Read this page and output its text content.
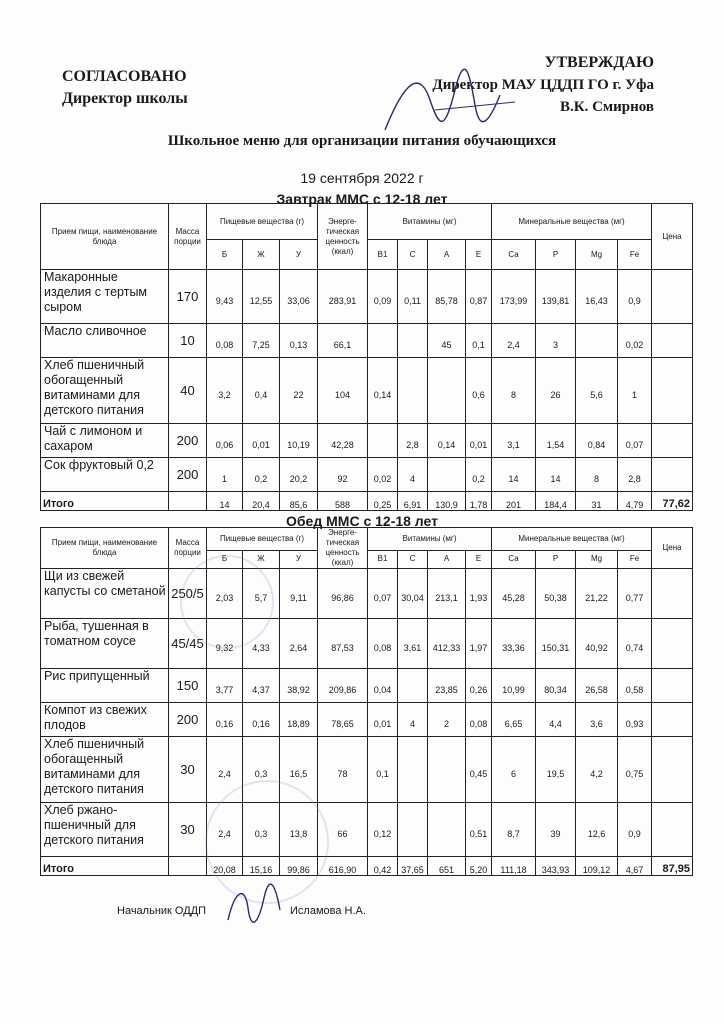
СОГЛАСОВАНО
Директор школы
УТВЕРЖДАЮ
Директор МАУ ЦДДП ГО г. Уфа
В.К. Смирнов
Школьное меню для организации питания обучающихся
19 сентября 2022 г
Завтрак ММС с 12-18 лет
Прием пищи, наименование блюда	Масса порции	Пищевые вещества (г)			Энерге-тическая ценность (ккал)	Витамины (мг)				Минеральные вещества (мг)				Цена
		Б	Ж	У		В1	С	А	Е	Са	Р	Mg	Fe	
Макаронные изделия с тертым сыром	170	9,43	12,55	33,06	283,91	0,09	0,11	85,78	0,87	173,99	139,81	16,43	0,9	
Масло сливочное	10	0,08	7,25	0,13	66,1			45	0,1	2,4	3		0,02	
Хлеб пшеничный обогащенный витаминами для детского питания	40	3,2	0,4	22	104	0,14			0,6	8	26	5,6	1	
Чай с лимоном и сахаром	200	0,06	0,01	10,19	42,28		2,8	0,14	0,01	3,1	1,54	0,84	0,07	
Сок фруктовый 0,2	200	1	0,2	20,2	92	0,02	4		0,2	14	14	8	2,8	
Итого		14	20,4	85,6	588	0,25	6,91	130,9	1,78	201	184,4	31	4,79	77,62
Обед ММС с 12-18 лет
Прием пищи, наименование блюда	Масса порции	Пищевые вещества (г)			Энерге-тическая ценность (ккал)	Витамины (мг)				Минеральные вещества (мг)				Цена
		Б	Ж	У		В1	С	А	Е	Са	Р	Mg	Fe	
Щи из свежей капусты со сметаной	250/5	2,03	5,7	9,11	96,86	0,07	30,04	213,1	1,93	45,28	50,38	21,22	0,77	
Рыба, тушенная в томатном соусе	45/45	9,32	4,33	2,64	87,53	0,08	3,61	412,33	1,97	33,36	150,31	40,92	0,74	
Рис припущенный	150	3,77	4,37	38,92	209,86	0,04		23,85	0,26	10,99	80,34	26,58	0,58	
Компот из свежих плодов	200	0,16	0,16	18,89	78,65	0,01	4	2	0,08	6,65	4,4	3,6	0,93	
Хлеб пшеничный обогащенный витаминами для детского питания	30	2,4	0,3	16,5	78	0,1			0,45	6	19,5	4,2	0,75	
Хлеб ржано-пшеничный для детского питания	30	2,4	0,3	13,8	66	0,12			0,51	8,7	39	12,6	0,9	
Итого		20,08	15,16	99,86	616,90	0,42	37,65	651	5,20	111,18	343,93	109,12	4,67	87,95
Начальник ОДДП	Исламова Н.А.
